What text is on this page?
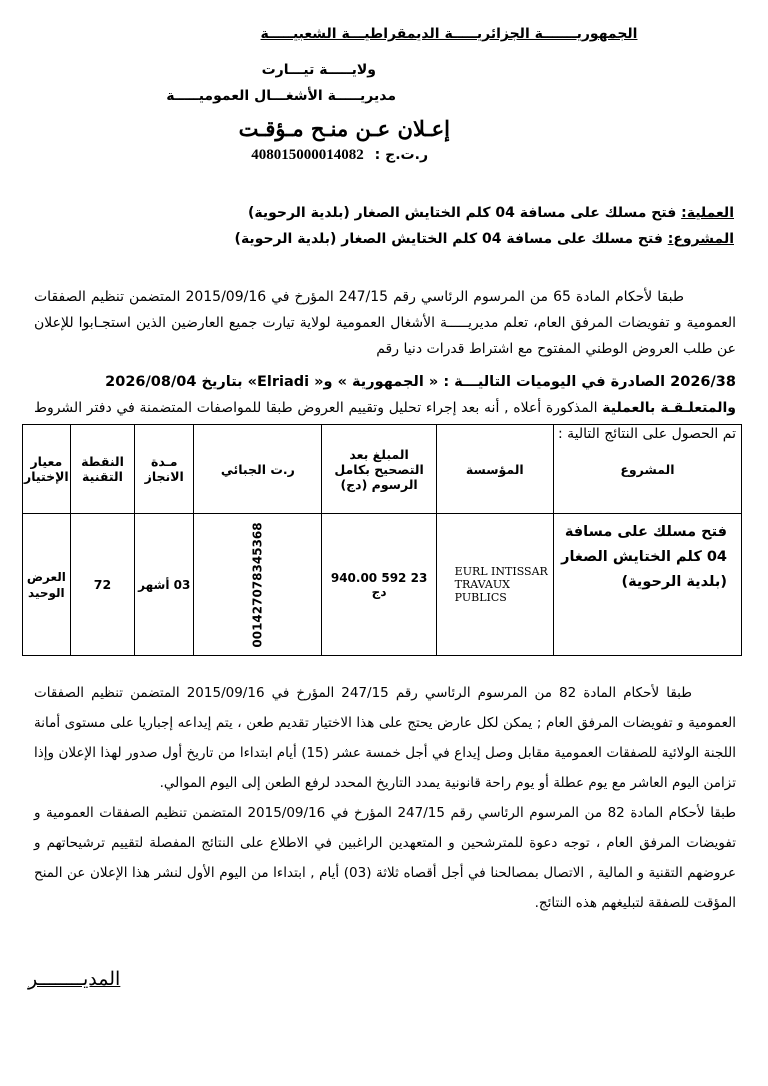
الجمهوريـــــــة الجزائريـــــة الديمقراطيـــة الشعبيـــــة
ولايـــــة تيـــارت
مديريـــــة الأشغـــال العموميـــــة
إعـلان عـن منـح مـؤقـت
ر.ت.ج : 408015000014082
العملية: فتح مسلك على مسافة 04 كلم الختايش الصغار (بلدية الرحوية)
المشروع: فتح مسلك على مسافة 04 كلم الختايش الصغار (بلدية الرحوية)
طبقا لأحكام المادة 65 من المرسوم الرئاسي رقم 247/15 المؤرخ في 2015/09/16 المتضمن تنظيم الصفقات العمومية و تفويضات المرفق العام، تعلم مديريـــــة الأشغال العمومية لولاية تيارت جميع العارضين الذين استجـابوا للإعلان عن طلب العروض الوطني المفتوح مع اشتراط قدرات دنيا رقم
2026/38 الصادرة في اليوميات التاليـــة : « الجمهورية » و« Elriadi» بتاريخ 2026/08/04
والمتعلـقـة بالعملية المذكورة أعلاه , أنه بعد إجراء تحليل وتقييم العروض طبقا للمواصفات المتضمنة في دفتر الشروط تم الحصول على النتائج التالية :
المشروع	المؤسسة	المبلغ بعد التصحيح بكامل الرسوم (دج)	ر.ت الجبائي	مـدة الانجاز	النقطة التقنية	معيار الإختيار
فتح مسلك على مسافة 04 كلم الختايش الصغار (بلدية الرحوية)	EURL INTISSAR TRAVAUX PUBLICS	23 592 940.00 دج	001427078345368	03 أشهر	72	العرض الوحيد
طبقا لأحكام المادة 82 من المرسوم الرئاسي رقم 247/15 المؤرخ في 2015/09/16 المتضمن تنظيم الصفقات العمومية و تفويضات المرفق العام ; يمكن لكل عارض يحتج على هذا الاختيار تقديم طعن ، يتم إيداعه إجباريا على مستوى أمانة اللجنة الولائية للصفقات العمومية مقابل وصل إيداع في أجل خمسة عشر (15) أيام ابتداءا من تاريخ أول صدور لهذا الإعلان وإذا تزامن اليوم العاشر مع يوم عطلة أو يوم راحة قانونية يمدد التاريخ المحدد لرفع الطعن إلى اليوم الموالي.
طبقا لأحكام المادة 82 من المرسوم الرئاسي رقم 247/15 المؤرخ في 2015/09/16 المتضمن تنظيم الصفقات العمومية و تفويضات المرفق العام ، توجه دعوة للمترشحين و المتعهدين الراغبين في الاطلاع على النتائج المفصلة لتقييم ترشيحاتهم و عروضهم التقنية و المالية , الاتصال بمصالحنا في أجل أقصاه ثلاثة (03) أيام , ابتداءا من اليوم الأول لنشر هذا الإعلان عن المنح المؤقت للصفقة لتبليغهم هذه النتائج.
المديــــــــر
